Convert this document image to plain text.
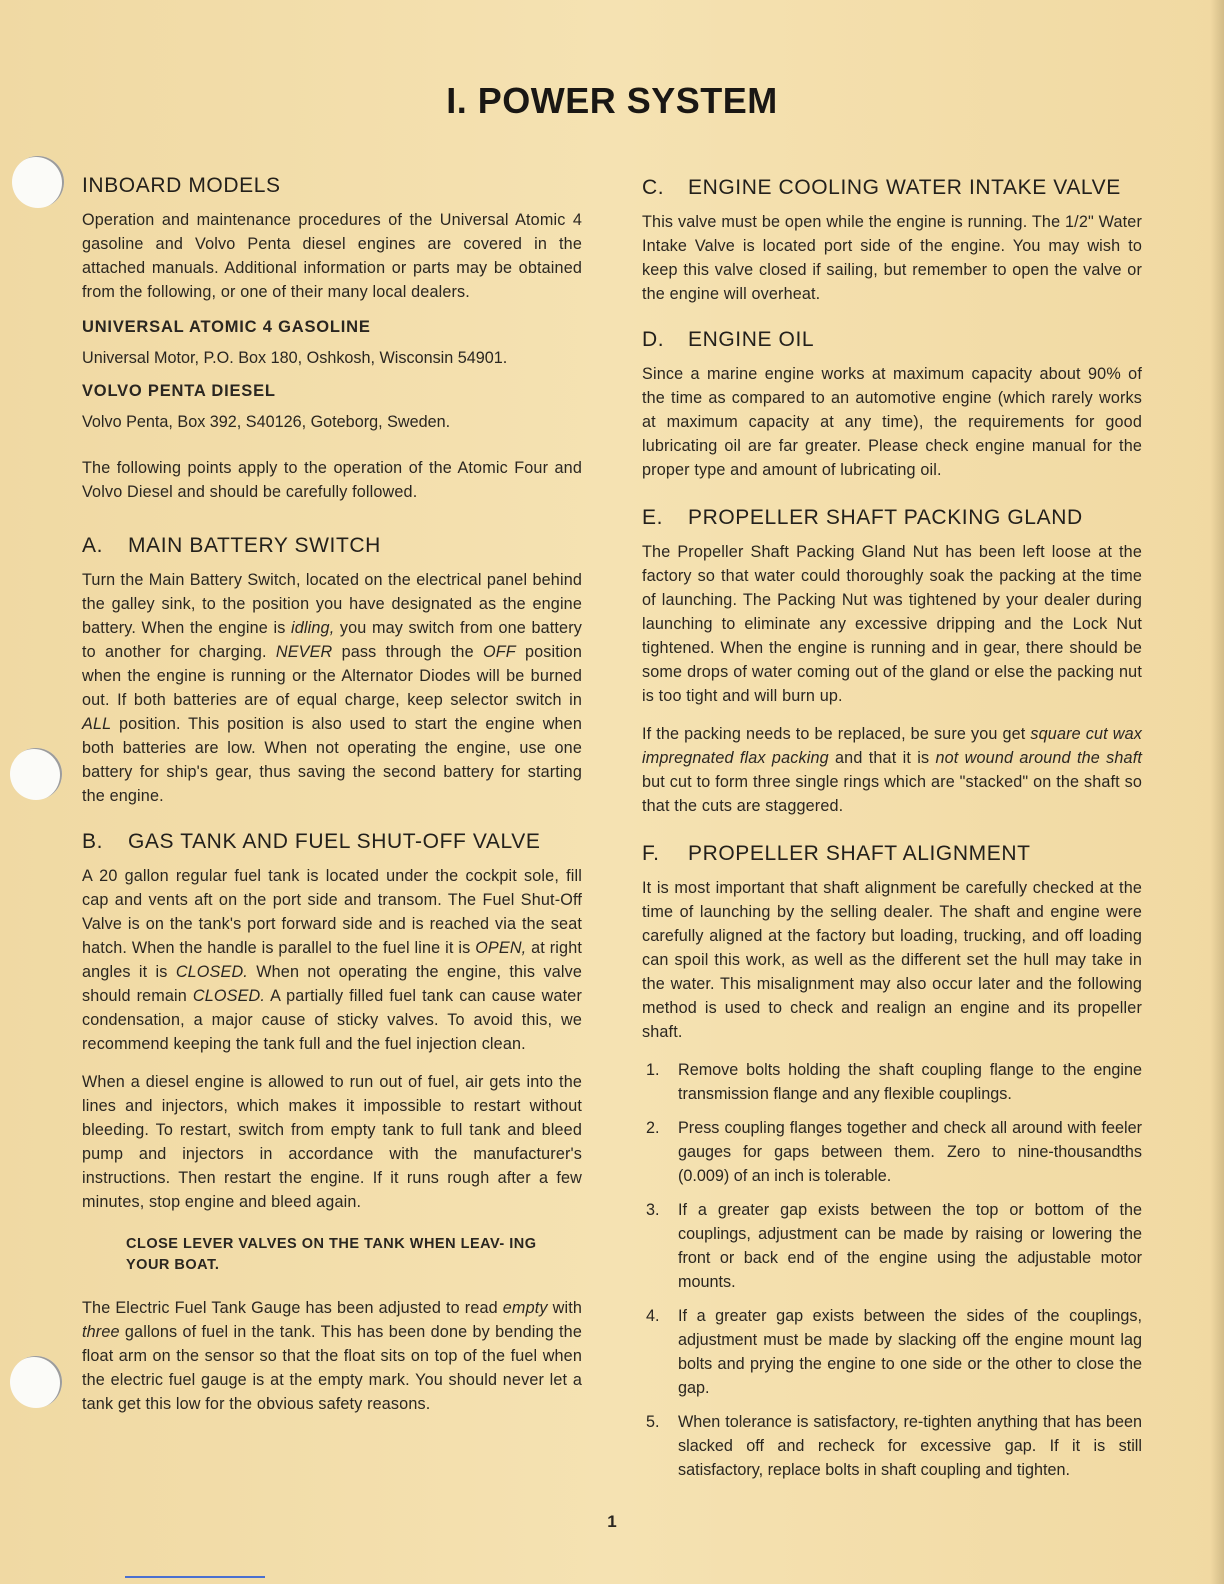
I. POWER SYSTEM
INBOARD MODELS

Operation and maintenance procedures of the Universal Atomic 4 gasoline and Volvo Penta diesel engines are covered in the attached manuals. Additional information or parts may be obtained from the following, or one of their many local dealers.

UNIVERSAL ATOMIC 4 GASOLINE
Universal Motor, P.O. Box 180, Oshkosh, Wisconsin 54901.
VOLVO PENTA DIESEL
Volvo Penta, Box 392, S40126, Goteborg, Sweden.

The following points apply to the operation of the Atomic Four and Volvo Diesel and should be carefully followed.

A. MAIN BATTERY SWITCH

Turn the Main Battery Switch, located on the electrical panel behind the galley sink, to the position you have designated as the engine battery. When the engine is idling, you may switch from one battery to another for charging. NEVER pass through the OFF position when the engine is running or the Alternator Diodes will be burned out. If both batteries are of equal charge, keep selector switch in ALL position. This position is also used to start the engine when both batteries are low. When not operating the engine, use one battery for ship's gear, thus saving the second battery for starting the engine.

B. GAS TANK AND FUEL SHUT-OFF VALVE

A 20 gallon regular fuel tank is located under the cockpit sole, fill cap and vents aft on the port side and transom. The Fuel Shut-Off Valve is on the tank's port forward side and is reached via the seat hatch. When the handle is parallel to the fuel line it is OPEN, at right angles it is CLOSED. When not operating the engine, this valve should remain CLOSED. A partially filled fuel tank can cause water condensation, a major cause of sticky valves. To avoid this, we recommend keeping the tank full and the fuel injection clean.

When a diesel engine is allowed to run out of fuel, air gets into the lines and injectors, which makes it impossible to restart without bleeding. To restart, switch from empty tank to full tank and bleed pump and injectors in accordance with the manufacturer's instructions. Then restart the engine. If it runs rough after a few minutes, stop engine and bleed again.

CLOSE LEVER VALVES ON THE TANK WHEN LEAV- ING YOUR BOAT.

The Electric Fuel Tank Gauge has been adjusted to read empty with three gallons of fuel in the tank. This has been done by bending the float arm on the sensor so that the float sits on top of the fuel when the electric fuel gauge is at the empty mark. You should never let a tank get this low for the obvious safety reasons.

C. ENGINE COOLING WATER INTAKE VALVE

This valve must be open while the engine is running. The 1/2" Water Intake Valve is located port side of the engine. You may wish to keep this valve closed if sailing, but remember to open the valve or the engine will overheat.

D. ENGINE OIL

Since a marine engine works at maximum capacity about 90% of the time as compared to an automotive engine (which rarely works at maximum capacity at any time), the requirements for good lubricating oil are far greater. Please check engine manual for the proper type and amount of lubricating oil.

E. PROPELLER SHAFT PACKING GLAND

The Propeller Shaft Packing Gland Nut has been left loose at the factory so that water could thoroughly soak the packing at the time of launching. The Packing Nut was tightened by your dealer during launching to eliminate any excessive dripping and the Lock Nut tightened. When the engine is running and in gear, there should be some drops of water coming out of the gland or else the packing nut is too tight and will burn up.

If the packing needs to be replaced, be sure you get square cut wax impregnated flax packing and that it is not wound around the shaft but cut to form three single rings which are "stacked" on the shaft so that the cuts are staggered.

F. PROPELLER SHAFT ALIGNMENT

It is most important that shaft alignment be carefully checked at the time of launching by the selling dealer. The shaft and engine were carefully aligned at the factory but loading, trucking, and off loading can spoil this work, as well as the different set the hull may take in the water. This misalignment may also occur later and the following method is used to check and realign an engine and its propeller shaft.

1. Remove bolts holding the shaft coupling flange to the engine transmission flange and any flexible couplings.
2. Press coupling flanges together and check all around with feeler gauges for gaps between them. Zero to nine-thousandths (0.009) of an inch is tolerable.
3. If a greater gap exists between the top or bottom of the couplings, adjustment can be made by raising or lowering the front or back end of the engine using the adjustable motor mounts.
4. If a greater gap exists between the sides of the couplings, adjustment must be made by slacking off the engine mount lag bolts and prying the engine to one side or the other to close the gap.
5. When tolerance is satisfactory, re-tighten anything that has been slacked off and recheck for excessive gap. If it is still satisfactory, replace bolts in shaft coupling and tighten.
1
